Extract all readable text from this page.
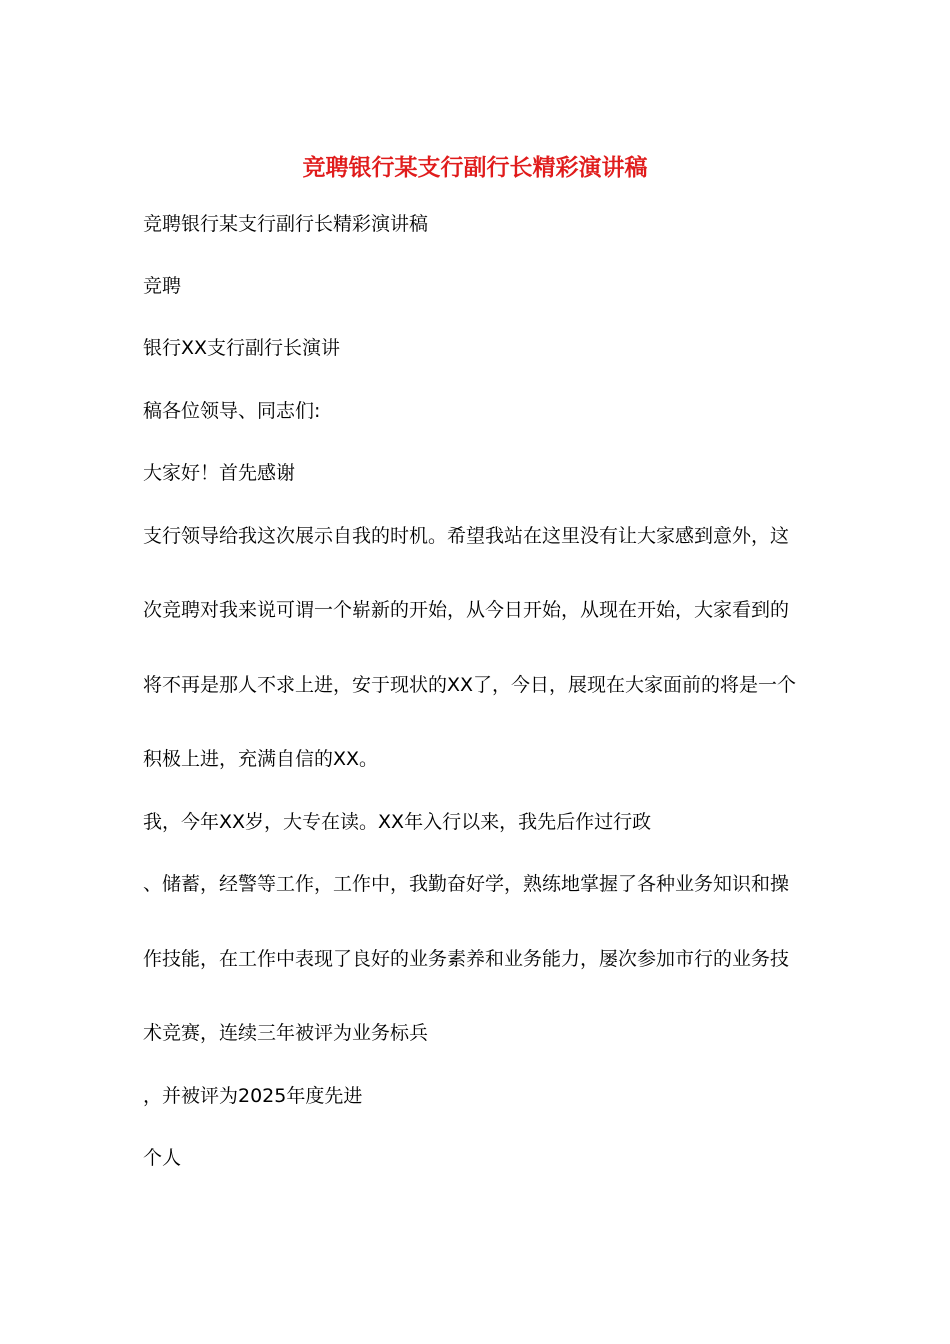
竞聘银行某支行副行长精彩演讲稿

竞聘银行某支行副行长精彩演讲稿

竞聘

银行XX支行副行长演讲

稿各位领导、同志们:

大家好！首先感谢

支行领导给我这次展示自我的时机。希望我站在这里没有让大家感到意外，这

次竞聘对我来说可谓一个崭新的开始，从今日开始，从现在开始，大家看到的

将不再是那人不求上进，安于现状的XX了，今日，展现在大家面前的将是一个

积极上进，充满自信的XX。

我，今年XX岁，大专在读。XX年入行以来，我先后作过行政

、储蓄，经警等工作，工作中，我勤奋好学，熟练地掌握了各种业务知识和操

作技能，在工作中表现了良好的业务素养和业务能力，屡次参加市行的业务技

术竞赛，连续三年被评为业务标兵

，并被评为2025年度先进

个人
